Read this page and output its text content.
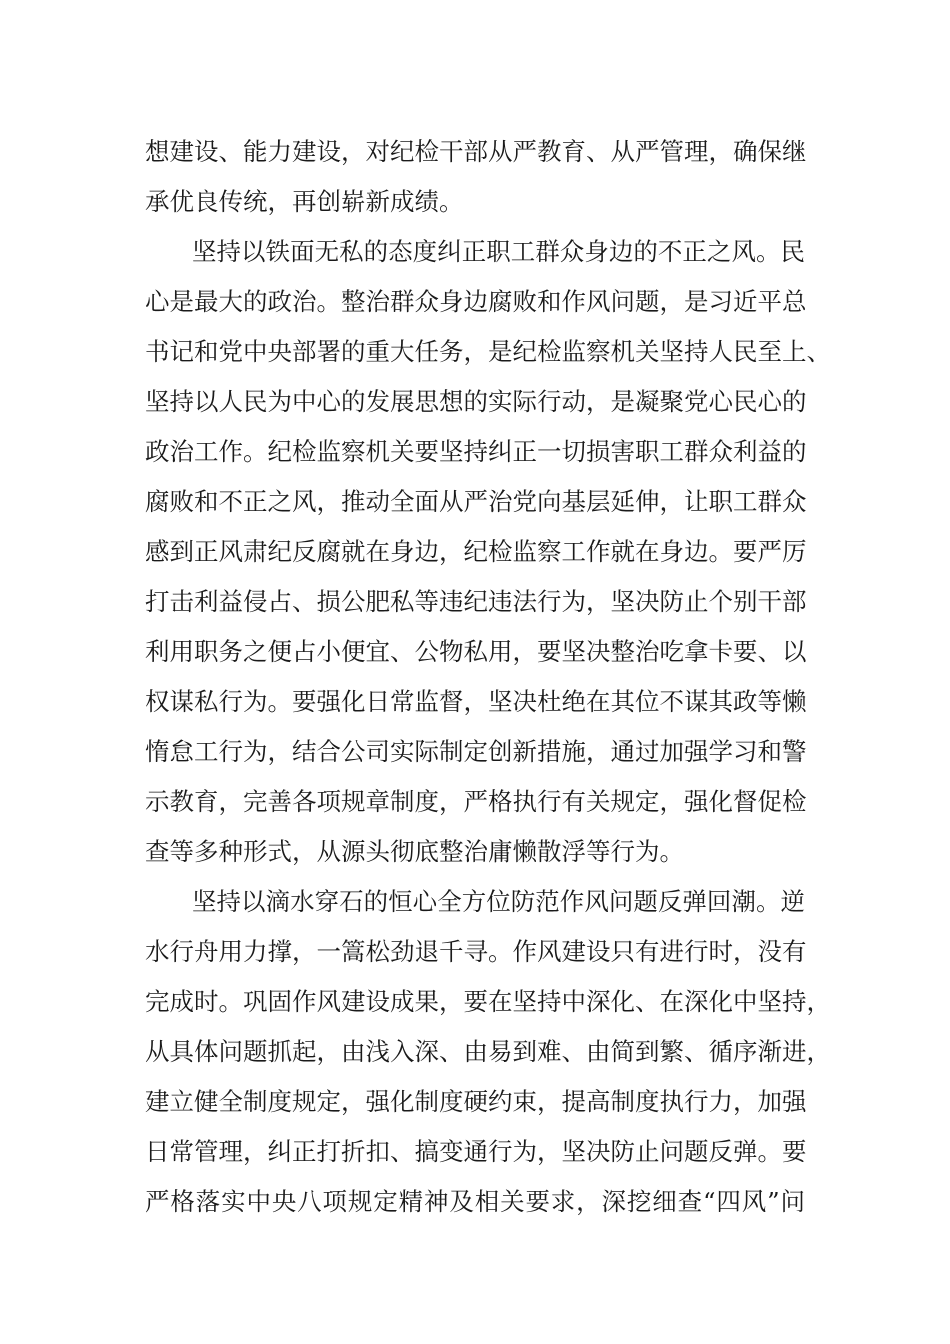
想建设、能力建设，对纪检干部从严教育、从严管理，确保继
承优良传统，再创崭新成绩。
坚持以铁面无私的态度纠正职工群众身边的不正之风。民
心是最大的政治。整治群众身边腐败和作风问题，是习近平总
书记和党中央部署的重大任务，是纪检监察机关坚持人民至上、
坚持以人民为中心的发展思想的实际行动，是凝聚党心民心的
政治工作。纪检监察机关要坚持纠正一切损害职工群众利益的
腐败和不正之风，推动全面从严治党向基层延伸，让职工群众
感到正风肃纪反腐就在身边，纪检监察工作就在身边。要严厉
打击利益侵占、损公肥私等违纪违法行为，坚决防止个别干部
利用职务之便占小便宜、公物私用，要坚决整治吃拿卡要、以
权谋私行为。要强化日常监督，坚决杜绝在其位不谋其政等懒
惰怠工行为，结合公司实际制定创新措施，通过加强学习和警
示教育，完善各项规章制度，严格执行有关规定，强化督促检
查等多种形式，从源头彻底整治庸懒散浮等行为。
坚持以滴水穿石的恒心全方位防范作风问题反弹回潮。逆
水行舟用力撑，一篙松劲退千寻。作风建设只有进行时，没有
完成时。巩固作风建设成果，要在坚持中深化、在深化中坚持，
从具体问题抓起，由浅入深、由易到难、由简到繁、循序渐进，
建立健全制度规定，强化制度硬约束，提高制度执行力，加强
日常管理，纠正打折扣、搞变通行为，坚决防止问题反弹。要
严格落实中央八项规定精神及相关要求，深挖细查“四风”问
